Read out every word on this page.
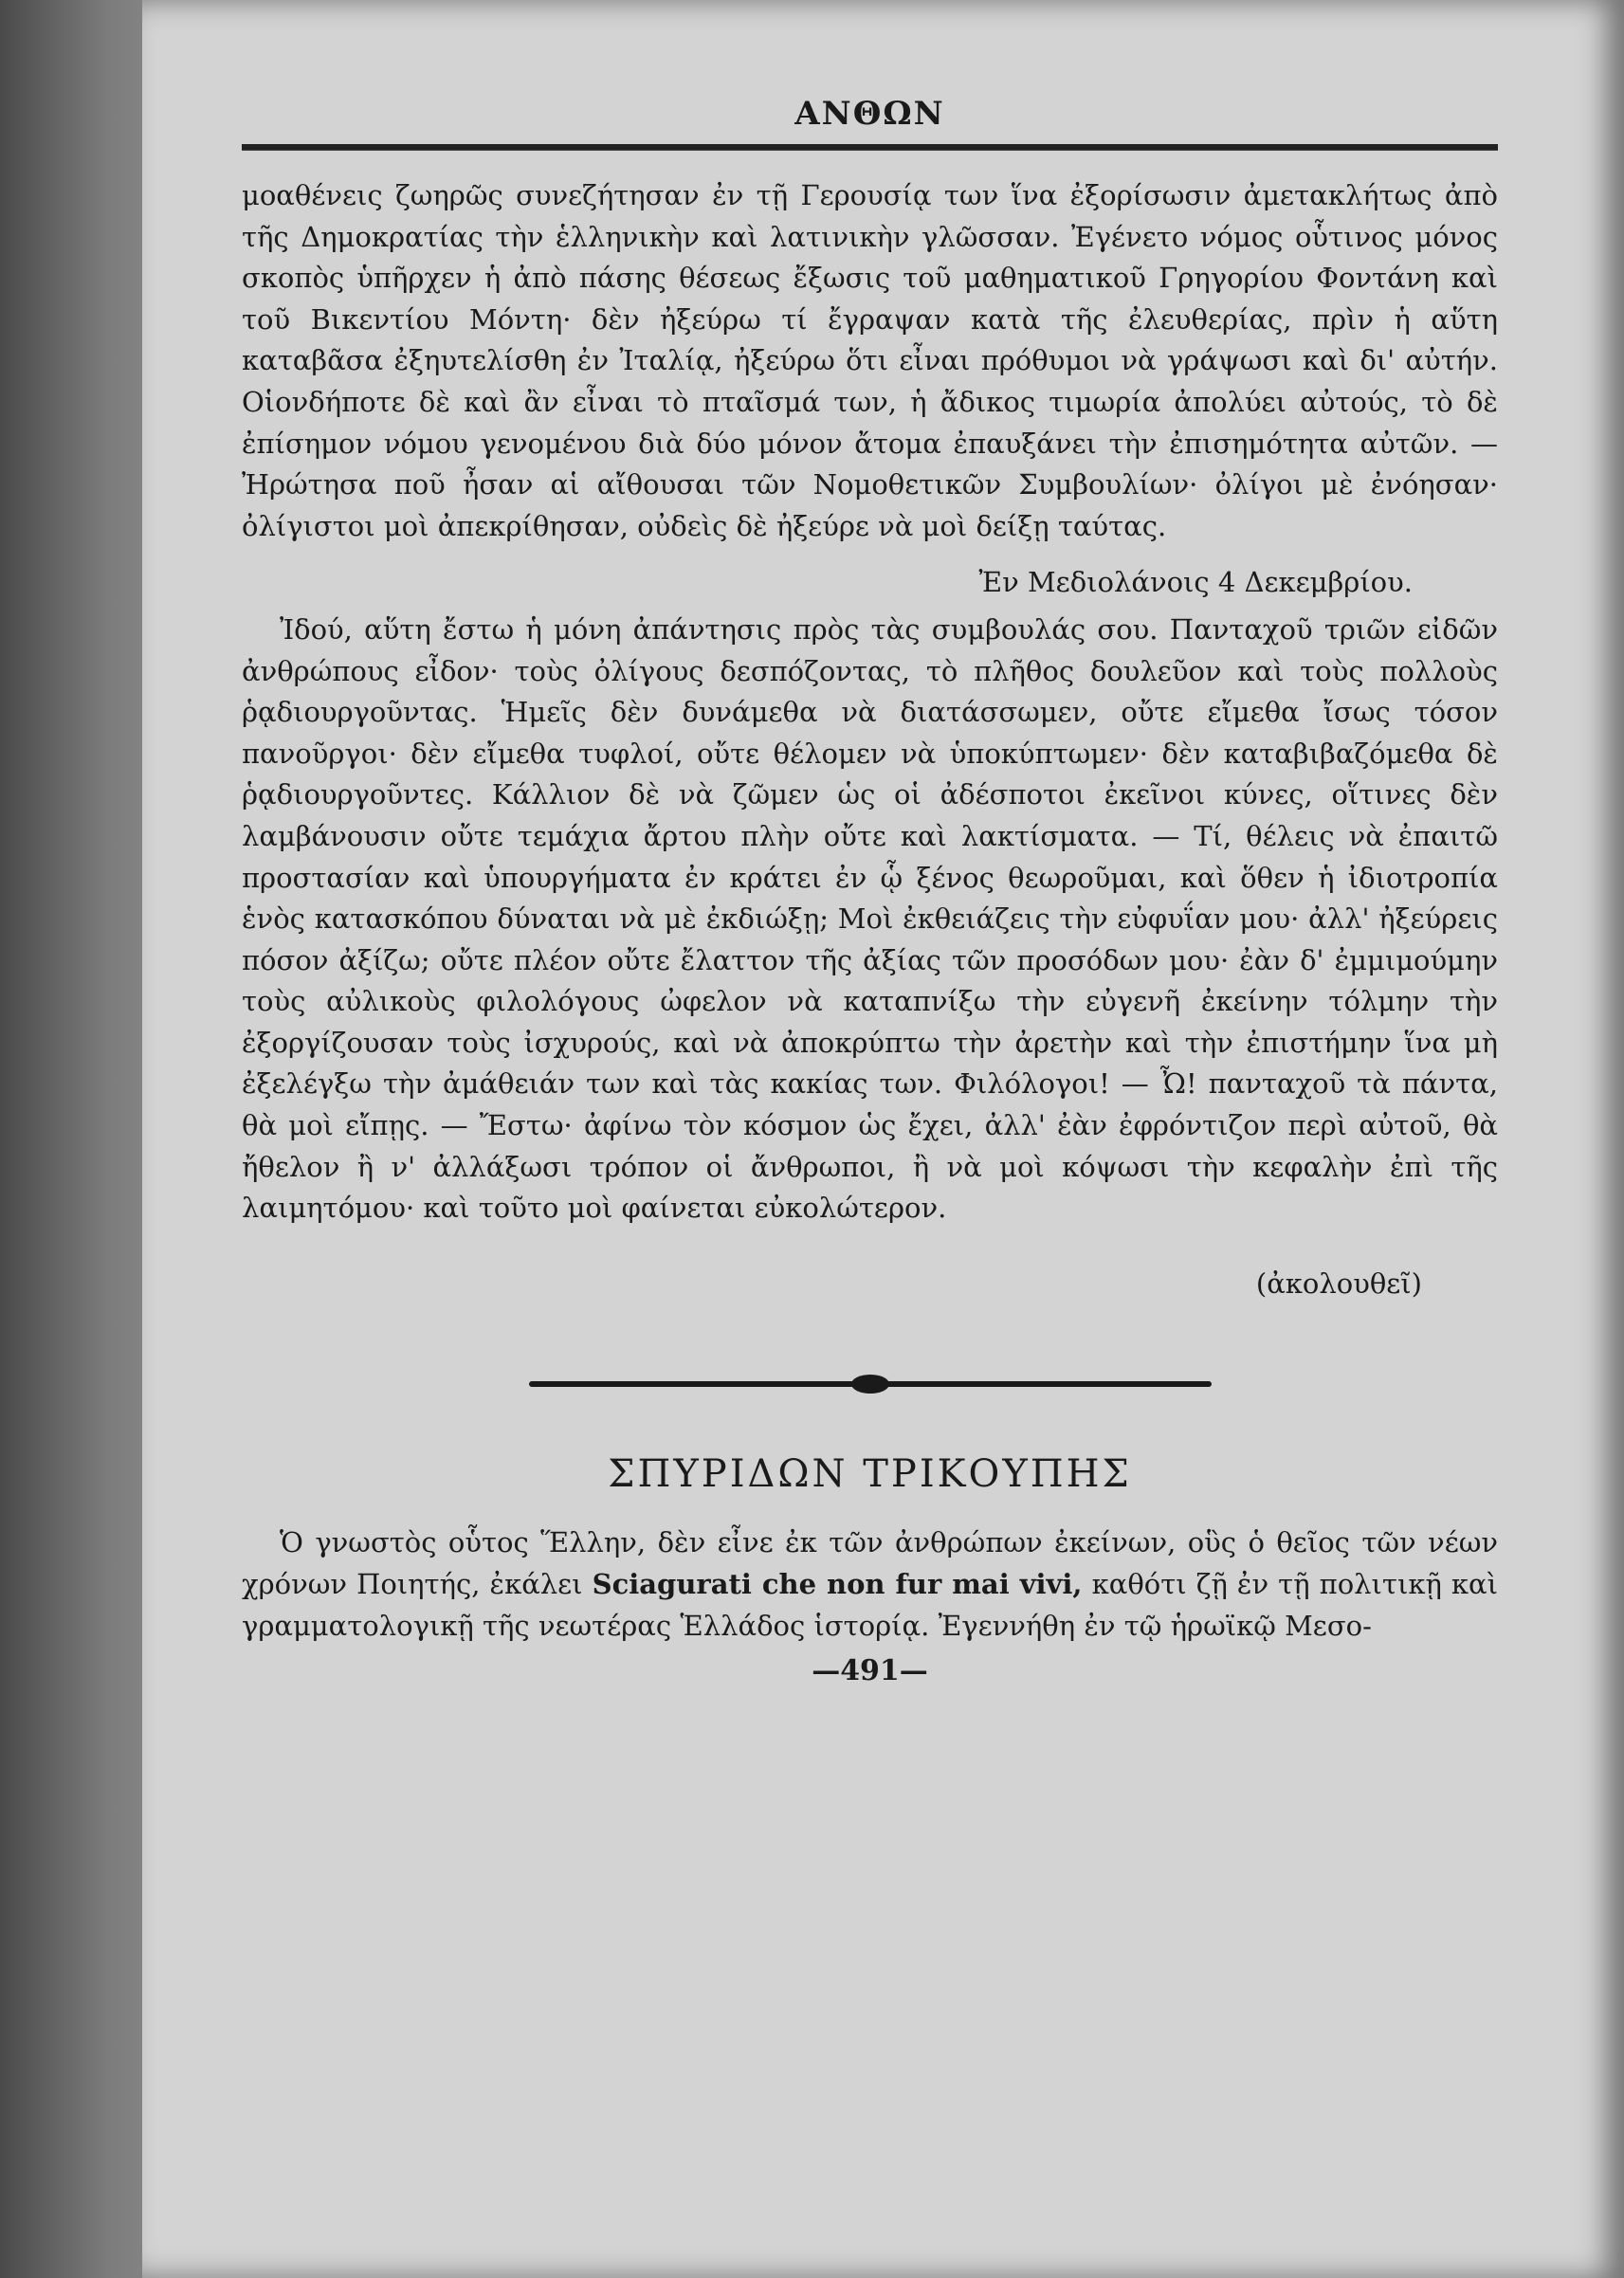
ΑΝΘΩΝ

μοαθένεις ζωηρῶς συνεζήτησαν ἐν τῇ Γερουσίᾳ των ἵνα ἐξορίσωσιν ἀμετακλήτως ἀπὸ τῆς Δημοκρατίας τὴν ἑλληνικὴν καὶ λατινικὴν γλῶσσαν. Ἐγένετο νόμος οὗτινος μόνος σκοπὸς ὑπῆρχεν ἡ ἀπὸ πάσης θέσεως ἔξωσις τοῦ μαθηματικοῦ Γρηγορίου Φοντάνη καὶ τοῦ Βικεντίου Μόντη· δὲν ἠξεύρω τί ἔγραψαν κατὰ τῆς ἐλευθερίας, πρὶν ἡ αὕτη καταβᾶσα ἐξηυτελίσθη ἐν Ἰταλίᾳ, ἠξεύρω ὅτι εἶναι πρόθυμοι νὰ γράψωσι καὶ δι' αὐτήν. Οἱονδήποτε δὲ καὶ ἂν εἶναι τὸ πταῖσμά των, ἡ ἄδικος τιμωρία ἀπολύει αὐτούς, τὸ δὲ ἐπίσημον νόμου γενομένου διὰ δύο μόνον ἄτομα ἐπαυξάνει τὴν ἐπισημότητα αὐτῶν. — Ἠρώτησα ποῦ ἦσαν αἱ αἴθουσαι τῶν Νομοθετικῶν Συμβουλίων· ὀλίγοι μὲ ἐνόησαν· ὀλίγιστοι μοὶ ἀπεκρίθησαν, οὐδεὶς δὲ ἠξεύρε νὰ μοὶ δείξῃ ταύτας.

Ἐν Μεδιολάνοις 4 Δεκεμβρίου.

Ἰδού, αὕτη ἔστω ἡ μόνη ἀπάντησις πρὸς τὰς συμβουλάς σου. Πανταχοῦ τριῶν εἰδῶν ἀνθρώπους εἶδον· τοὺς ὀλίγους δεσπόζοντας, τὸ πλῆθος δουλεῦον καὶ τοὺς πολλοὺς ῥᾳδιουργοῦντας. Ἡμεῖς δὲν δυνάμεθα νὰ διατάσσωμεν, οὔτε εἴμεθα ἴσως τόσον πανοῦργοι· δὲν εἴμεθα τυφλοί, οὔτε θέλομεν νὰ ὑποκύπτωμεν· δὲν καταβιβαζόμεθα δὲ ῥᾳδιουργοῦντες. Κάλλιον δὲ νὰ ζῶμεν ὡς οἱ ἀδέσποτοι ἐκεῖνοι κύνες, οἵτινες δὲν λαμβάνουσιν οὔτε τεμάχια ἄρτου πλὴν οὔτε καὶ λακτίσματα. — Τί, θέλεις νὰ ἐπαιτῶ προστασίαν καὶ ὑπουργήματα ἐν κράτει ἐν ᾧ ξένος θεωροῦμαι, καὶ ὅθεν ἡ ἰδιοτροπία ἑνὸς κατασκόπου δύναται νὰ μὲ ἐκδιώξῃ; Μοὶ ἐκθειάζεις τὴν εὐφυΐαν μου· ἀλλ' ἠξεύρεις πόσον ἀξίζω; οὔτε πλέον οὔτε ἔλαττον τῆς ἀξίας τῶν προσόδων μου· ἐὰν δ' ἐμμιμούμην τοὺς αὐλικοὺς φιλολόγους ὠφελον νὰ καταπνίξω τὴν εὐγενῆ ἐκείνην τόλμην τὴν ἐξοργίζουσαν τοὺς ἰσχυρούς, καὶ νὰ ἀποκρύπτω τὴν ἀρετὴν καὶ τὴν ἐπιστήμην ἵνα μὴ ἐξελέγξω τὴν ἀμάθειάν των καὶ τὰς κακίας των. Φιλόλογοι! — Ὦ! πανταχοῦ τὰ πάντα, θὰ μοὶ εἴπῃς. — Ἔστω· ἀφίνω τὸν κόσμον ὡς ἔχει, ἀλλ' ἐὰν ἐφρόντιζον περὶ αὐτοῦ, θὰ ἤθελον ἢ ν' ἀλλάξωσι τρόπον οἱ ἄνθρωποι, ἢ νὰ μοὶ κόψωσι τὴν κεφαλὴν ἐπὶ τῆς λαιμητόμου· καὶ τοῦτο μοὶ φαίνεται εὐκολώτερον.

(ἀκολουθεῖ)
ΣΠΥΡΙΔΩΝ ΤΡΙΚΟΥΠΗΣ

Ὁ γνωστὸς οὗτος Ἕλλην, δὲν εἶνε ἐκ τῶν ἀνθρώπων ἐκείνων, οὓς ὁ θεῖος τῶν νέων χρόνων Ποιητής, ἐκάλει Sciagurati che non fur mai vivi, καθότι ζῇ ἐν τῇ πολιτικῇ καὶ γραμματολογικῇ τῆς νεωτέρας Ἑλλάδος ἱστορίᾳ. Ἐγεννήθη ἐν τῷ ἡρωϊκῷ Μεσο-

—491—
